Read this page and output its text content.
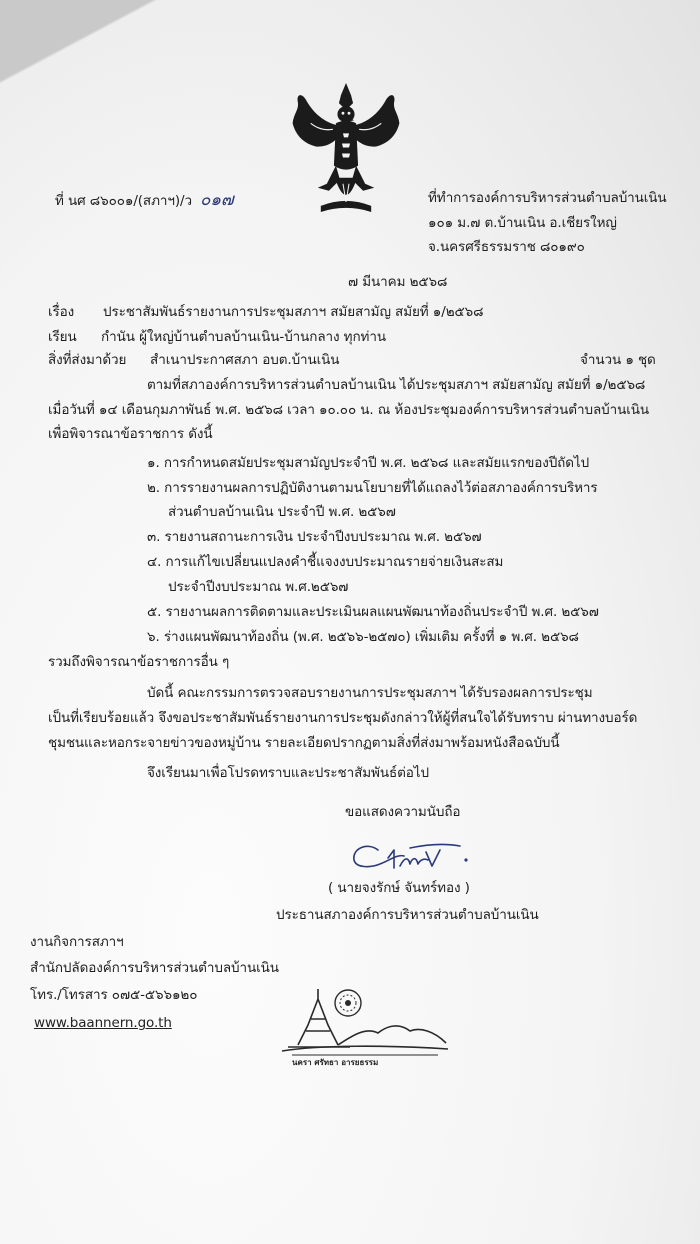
ที่ นศ ๘๖๐๐๑/(สภาฯ)/ว ๐๑๗	ที่ทำการองค์การบริหารส่วนตำบลบ้านเนิน
๑๐๑ ม.๗ ต.บ้านเนิน อ.เชียรใหญ่
จ.นครศรีธรรมราช ๘๐๑๙๐
๗ มีนาคม ๒๕๖๘
เรื่อง ประชาสัมพันธ์รายงานการประชุมสภาฯ สมัยสามัญ สมัยที่ ๑/๒๕๖๘
เรียน กำนัน ผู้ใหญ่บ้านตำบลบ้านเนิน-บ้านกลาง ทุกท่าน
สิ่งที่ส่งมาด้วย สำเนาประกาศสภา อบต.บ้านเนิน	จำนวน ๑ ชุด
ตามที่สภาองค์การบริหารส่วนตำบลบ้านเนิน ได้ประชุมสภาฯ สมัยสามัญ สมัยที่ ๑/๒๕๖๘
เมื่อวันที่ ๑๔ เดือนกุมภาพันธ์ พ.ศ. ๒๕๖๘ เวลา ๑๐.๐๐ น. ณ ห้องประชุมองค์การบริหารส่วนตำบลบ้านเนิน
เพื่อพิจารณาข้อราชการ ดังนี้
๑. การกำหนดสมัยประชุมสามัญประจำปี พ.ศ. ๒๕๖๘ และสมัยแรกของปีถัดไป
๒. การรายงานผลการปฏิบัติงานตามนโยบายที่ได้แถลงไว้ต่อสภาองค์การบริหาร
ส่วนตำบลบ้านเนิน ประจำปี พ.ศ. ๒๕๖๗
๓. รายงานสถานะการเงิน ประจำปีงบประมาณ พ.ศ. ๒๕๖๗
๔. การแก้ไขเปลี่ยนแปลงคำชี้แจงงบประมาณรายจ่ายเงินสะสม
ประจำปีงบประมาณ พ.ศ.๒๕๖๗
๕. รายงานผลการติดตามและประเมินผลแผนพัฒนาท้องถิ่นประจำปี พ.ศ. ๒๕๖๗
๖. ร่างแผนพัฒนาท้องถิ่น (พ.ศ. ๒๕๖๖-๒๕๗๐) เพิ่มเติม ครั้งที่ ๑ พ.ศ. ๒๕๖๘
รวมถึงพิจารณาข้อราชการอื่น ๆ
บัดนี้ คณะกรรมการตรวจสอบรายงานการประชุมสภาฯ ได้รับรองผลการประชุม
เป็นที่เรียบร้อยแล้ว จึงขอประชาสัมพันธ์รายงานการประชุมดังกล่าวให้ผู้ที่สนใจได้รับทราบ ผ่านทางบอร์ด
ชุมชนและหอกระจายข่าวของหมู่บ้าน รายละเอียดปรากฏตามสิ่งที่ส่งมาพร้อมหนังสือฉบับนี้
จึงเรียนมาเพื่อโปรดทราบและประชาสัมพันธ์ต่อไป
ขอแสดงความนับถือ
( นายจงรักษ์ จันทร์ทอง )
ประธานสภาองค์การบริหารส่วนตำบลบ้านเนิน
งานกิจการสภาฯ
สำนักปลัดองค์การบริหารส่วนตำบลบ้านเนิน
โทร./โทรสาร ๐๗๕-๕๖๖๑๒๐
www.baannern.go.th
นครา ศรัทธา อารยธรรม
